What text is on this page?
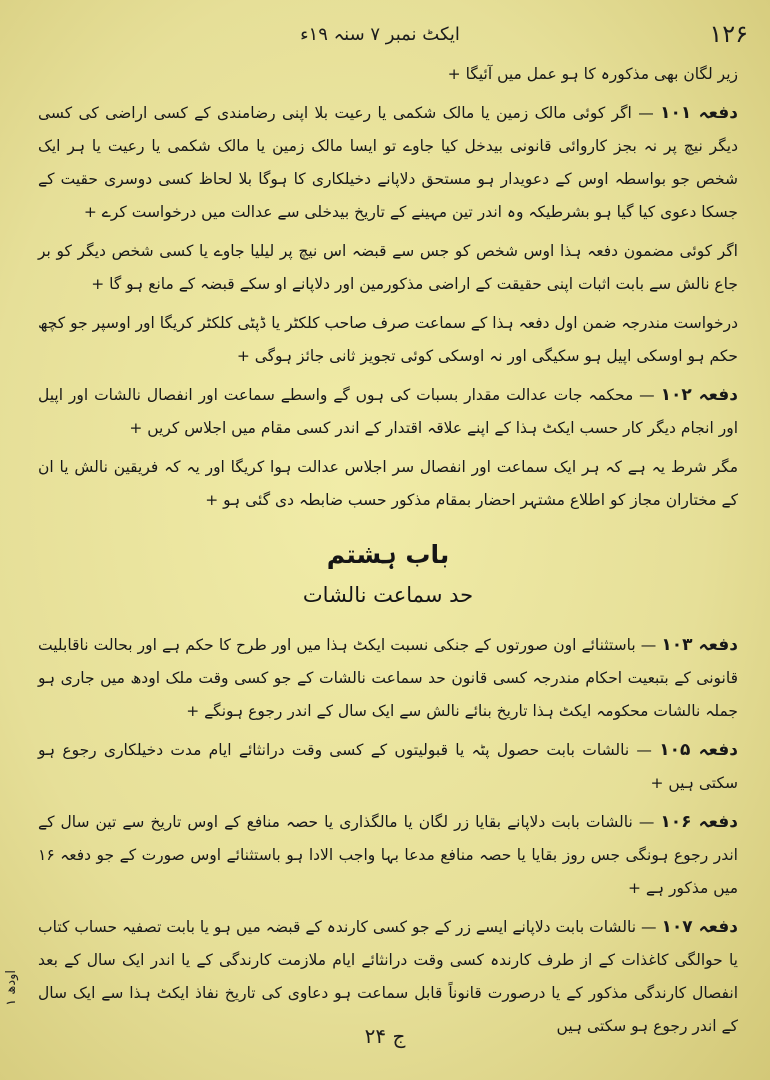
ایکٹ نمبر ۷ سنہ ۱۹ء	۱۲۶

زیر لگان بھی مذکورہ کا ہو عمل میں آئیگا +

دفعہ ۱۰۱ — اگر کوئی مالک زمین یا مالک شکمی یا رعیت بلا اپنی رضامندی کے کسی اراضی کی کسی دیگر نیچ پر نہ بجز کاروائی قانونی بیدخل کیا جاوے تو ایسا مالک زمین یا مالک شکمی یا رعیت یا ہر ایک شخص جو بواسطہ اوس کے دعویدار ہو مستحق دلاپانے دخیلکاری کا ہوگا بلا لحاظ کسی دوسری حقیت کے جسکا دعوی کیا گیا ہو بشرطیکہ وہ اندر تین مہینے کے تاریخ بیدخلی سے عدالت میں درخواست کرے +

اگر کوئی مضمون دفعہ ہذا اوس شخص کو جس سے قبضہ اس نیچ پر لیلیا جاوے یا کسی شخص دیگر کو بر جاع نالش سے بابت اثبات اپنی حقیقت کے اراضی مذکورمین اور دلاپانے او سکے قبضہ کے مانع ہو گا +

درخواست مندرجہ ضمن اول دفعہ ہذا کے سماعت صرف صاحب کلکٹر یا ڈپٹی کلکٹر کریگا اور اوسپر جو کچھ حکم ہو اوسکی اپیل ہو سکیگی اور نہ اوسکی کوئی تجویز ثانی جائز ہوگی +

دفعہ ۱۰۲ — محکمہ جات عدالت مقدار بسبات کی ہوں گے واسطے سماعت اور انفصال نالشات اور اپیل اور انجام دیگر کار حسب ایکٹ ہذا کے اپنے علاقہ اقتدار کے اندر کسی مقام میں اجلاس کریں +

مگر شرط یہ ہے کہ ہر ایک سماعت اور انفصال سر اجلاس عدالت ہوا کریگا اور یہ کہ فریقین نالش یا ان کے مختاران مجاز کو اطلاع مشتہر احضار بمقام مذکور حسب ضابطہ دی گئی ہو +

باب ہشتم
حد سماعت نالشات

دفعہ ۱۰۳ — باستثنائے اون صورتوں کے جنکی نسبت ایکٹ ہذا میں اور طرح کا حکم ہے اور بحالت ناقابلیت قانونی کے بتبعیت احکام مندرجہ کسی قانون حد سماعت نالشات کے جو کسی وقت ملک اودھ میں جاری ہو جملہ نالشات محکومہ ایکٹ ہذا تاریخ بنائے نالش سے ایک سال کے اندر رجوع ہونگے +

دفعہ ۱۰۵ — نالشات بابت حصول پٹہ یا قبولیتوں کے کسی وقت درانثائے ایام مدت دخیلکاری رجوع ہو سکتی ہیں +

دفعہ ۱۰۶ — نالشات بابت دلاپانے بقایا زر لگان یا مالگذاری یا حصہ منافع کے اوس تاریخ سے تین سال کے اندر رجوع ہونگی جس روز بقایا یا حصہ منافع مدعا بہا واجب الادا ہو باستثنائے اوس صورت کے جو دفعہ ۱۶ میں مذکور ہے +

دفعہ ۱۰۷ — نالشات بابت دلاپانے ایسے زر کے جو کسی کارندہ کے قبضہ میں ہو یا بابت تصفیہ حساب کتاب یا حوالگی کاغذات کے از طرف کارندہ کسی وقت درانثائے ایام ملازمت کارندگی کے یا اندر ایک سال کے بعد انفصال کارندگی مذکور کے یا درصورت قانوناً قابل سماعت ہو دعاوی کی تاریخ نفاذ ایکٹ ہذا سے ایک سال کے اندر رجوع ہو سکتی ہیں

اودھ ۱
۲۴ ج
